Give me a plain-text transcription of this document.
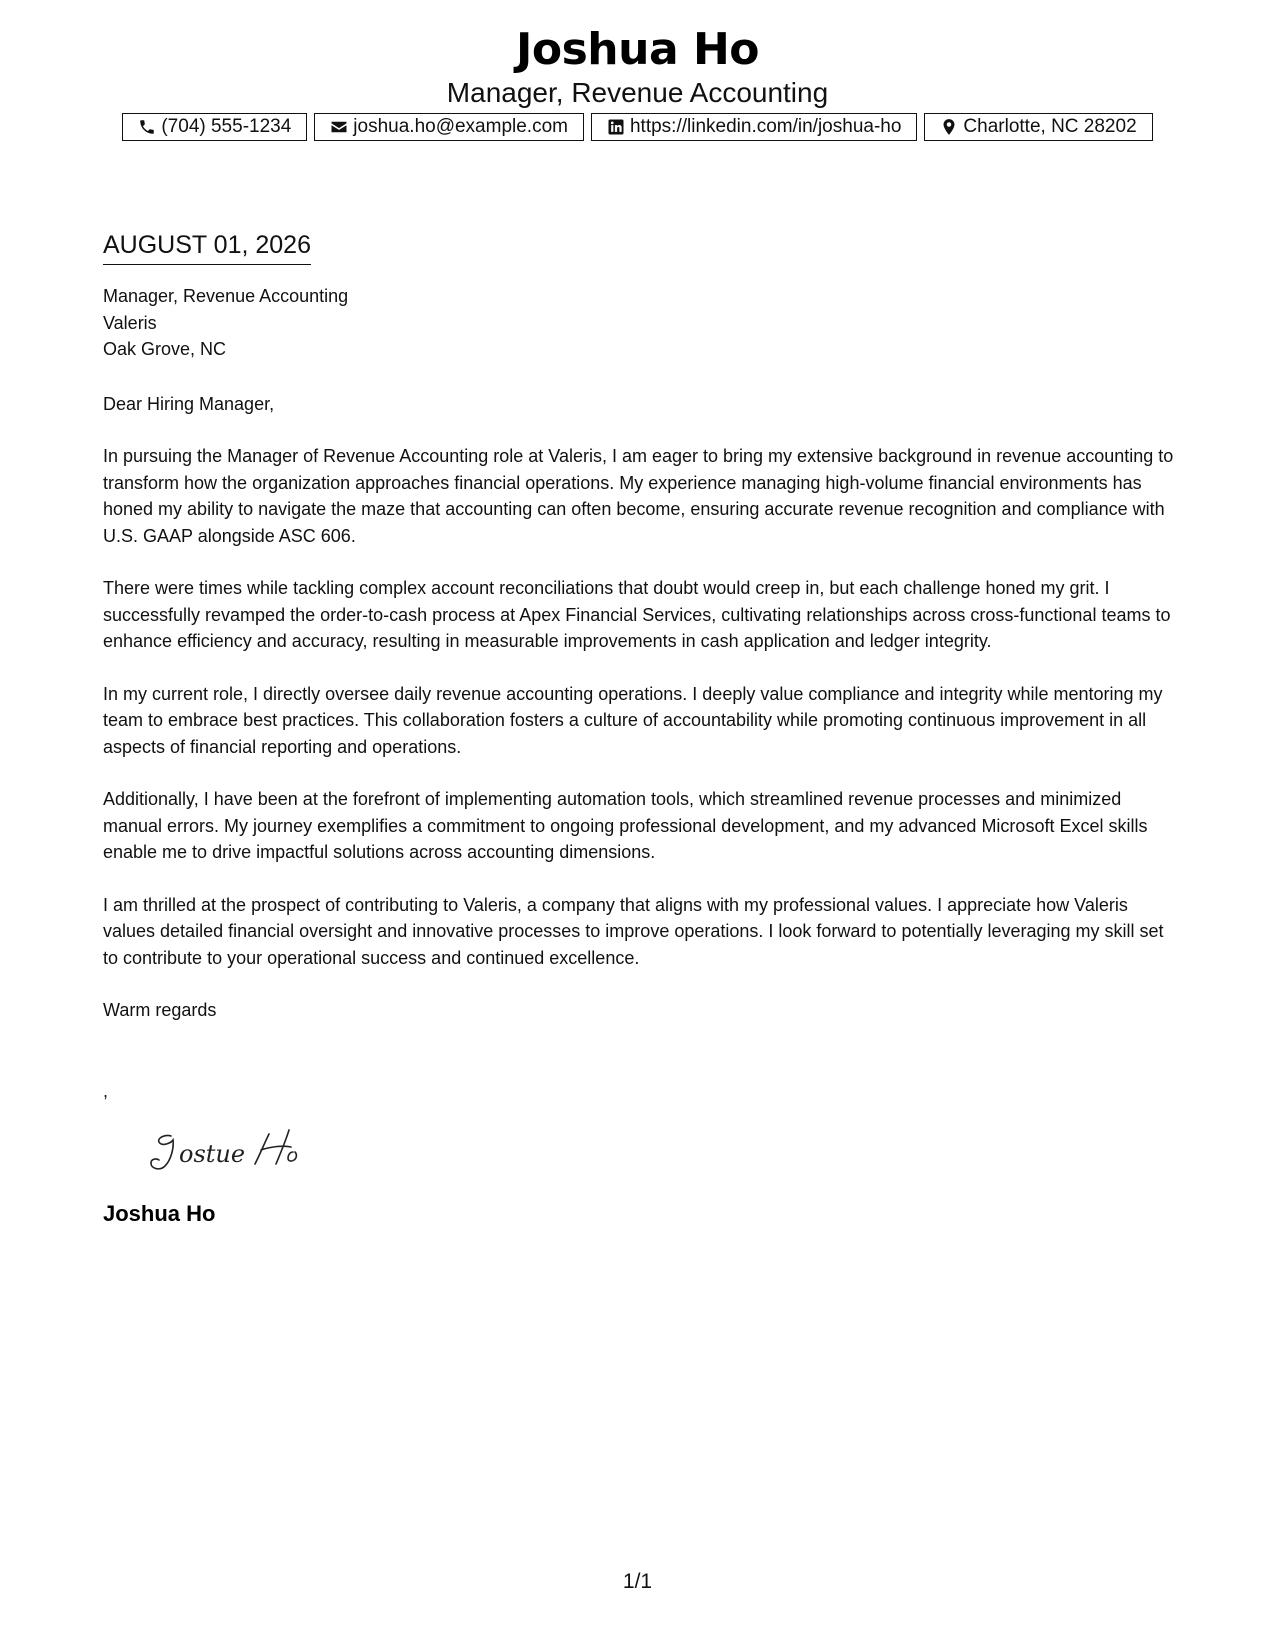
Joshua Ho
Manager, Revenue Accounting
(704) 555-1234	joshua.ho@example.com	https://linkedin.com/in/joshua-ho	Charlotte, NC 28202
AUGUST 01, 2026
Manager, Revenue Accounting
Valeris
Oak Grove, NC
Dear Hiring Manager,
In pursuing the Manager of Revenue Accounting role at Valeris, I am eager to bring my extensive background in revenue accounting to transform how the organization approaches financial operations. My experience managing high-volume financial environments has honed my ability to navigate the maze that accounting can often become, ensuring accurate revenue recognition and compliance with U.S. GAAP alongside ASC 606.
There were times while tackling complex account reconciliations that doubt would creep in, but each challenge honed my grit. I successfully revamped the order-to-cash process at Apex Financial Services, cultivating relationships across cross-functional teams to enhance efficiency and accuracy, resulting in measurable improvements in cash application and ledger integrity.
In my current role, I directly oversee daily revenue accounting operations. I deeply value compliance and integrity while mentoring my team to embrace best practices. This collaboration fosters a culture of accountability while promoting continuous improvement in all aspects of financial reporting and operations.
Additionally, I have been at the forefront of implementing automation tools, which streamlined revenue processes and minimized manual errors. My journey exemplifies a commitment to ongoing professional development, and my advanced Microsoft Excel skills enable me to drive impactful solutions across accounting dimensions.
I am thrilled at the prospect of contributing to Valeris, a company that aligns with my professional values. I appreciate how Valeris values detailed financial oversight and innovative processes to improve operations. I look forward to potentially leveraging my skill set to contribute to your operational success and continued excellence.
Warm regards
,
ostue
Joshua Ho
1/1
